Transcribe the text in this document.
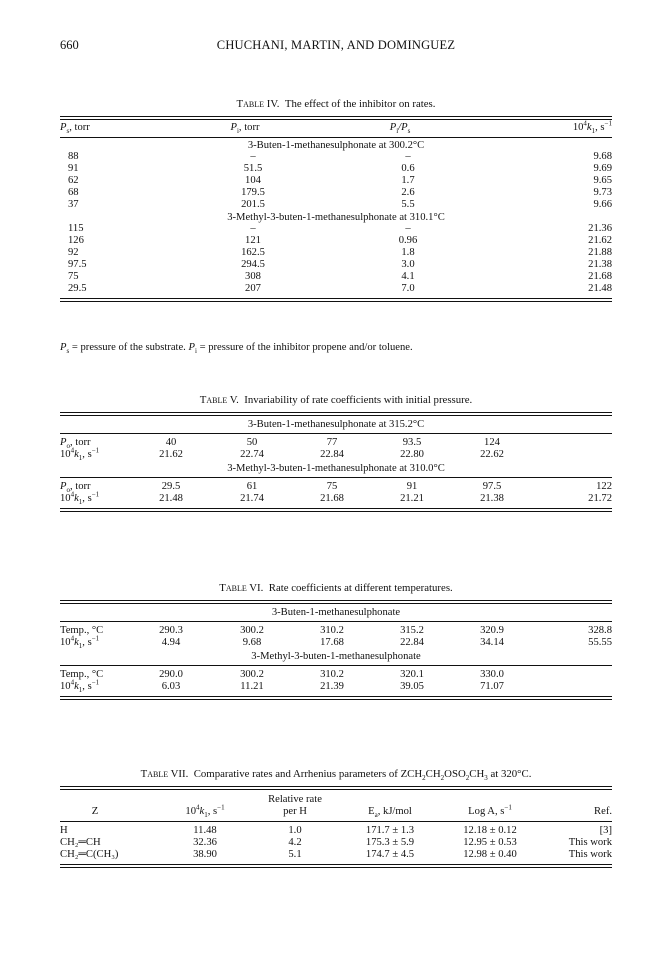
660	CHUCHANI, MARTIN, AND DOMINGUEZ
Table IV. The effect of the inhibitor on rates.
$P_s$, torr	$P_i$, torr	$P_i/P_s$	$10^4k_1$, $s^{-1}$
3-Buten-1-methanesulphonate at 300.2°C
88	–	–	9.68
91	51.5	0.6	9.69
62	104	1.7	9.65
68	179.5	2.6	9.73
37	201.5	5.5	9.66
3-Methyl-3-buten-1-methanesulphonate at 310.1°C
115	–	–	21.36
126	121	0.96	21.62
92	162.5	1.8	21.88
97.5	294.5	3.0	21.38
75	308	4.1	21.68
29.5	207	7.0	21.48
$P_s$ = pressure of the substrate. $P_i$ = pressure of the inhibitor propene and/or toluene.
Table V. Invariability of rate coefficients with initial pressure.
3-Buten-1-methanesulphonate at 315.2°C
$P_o$, torr	40	50	77	93.5	124	
$10^4k_1$, $s^{-1}$	21.62	22.74	22.84	22.80	22.62	
3-Methyl-3-buten-1-methanesulphonate at 310.0°C
$P_o$, torr	29.5	61	75	91	97.5	122
$10^4k_1$, $s^{-1}$	21.48	21.74	21.68	21.21	21.38	21.72
Table VI. Rate coefficients at different temperatures.
3-Buten-1-methanesulphonate
Temp., °C	290.3	300.2	310.2	315.2	320.9	328.8
$10^4k_1$, $s^{-1}$	4.94	9.68	17.68	22.84	34.14	55.55
3-Methyl-3-buten-1-methanesulphonate
Temp., °C	290.0	300.2	310.2	320.1	330.0	
$10^4k_1$, $s^{-1}$	6.03	11.21	21.39	39.05	71.07	
Table VII. Comparative rates and Arrhenius parameters of $ZCH_2CH_2OSO_2CH_3$ at 320°C.
		Relative rate			
Z	$10^4k_1$, $s^{-1}$	per H	$E_a$, kJ/mol	Log A, $s^{-1}$	Ref.
H	11.48	1.0	171.7 ± 1.3	12.18 ± 0.12	[3]
CH₂═CH	32.36	4.2	175.3 ± 5.9	12.95 ± 0.53	This work
CH₂═C(CH₃)	38.90	5.1	174.7 ± 4.5	12.98 ± 0.40	This work
